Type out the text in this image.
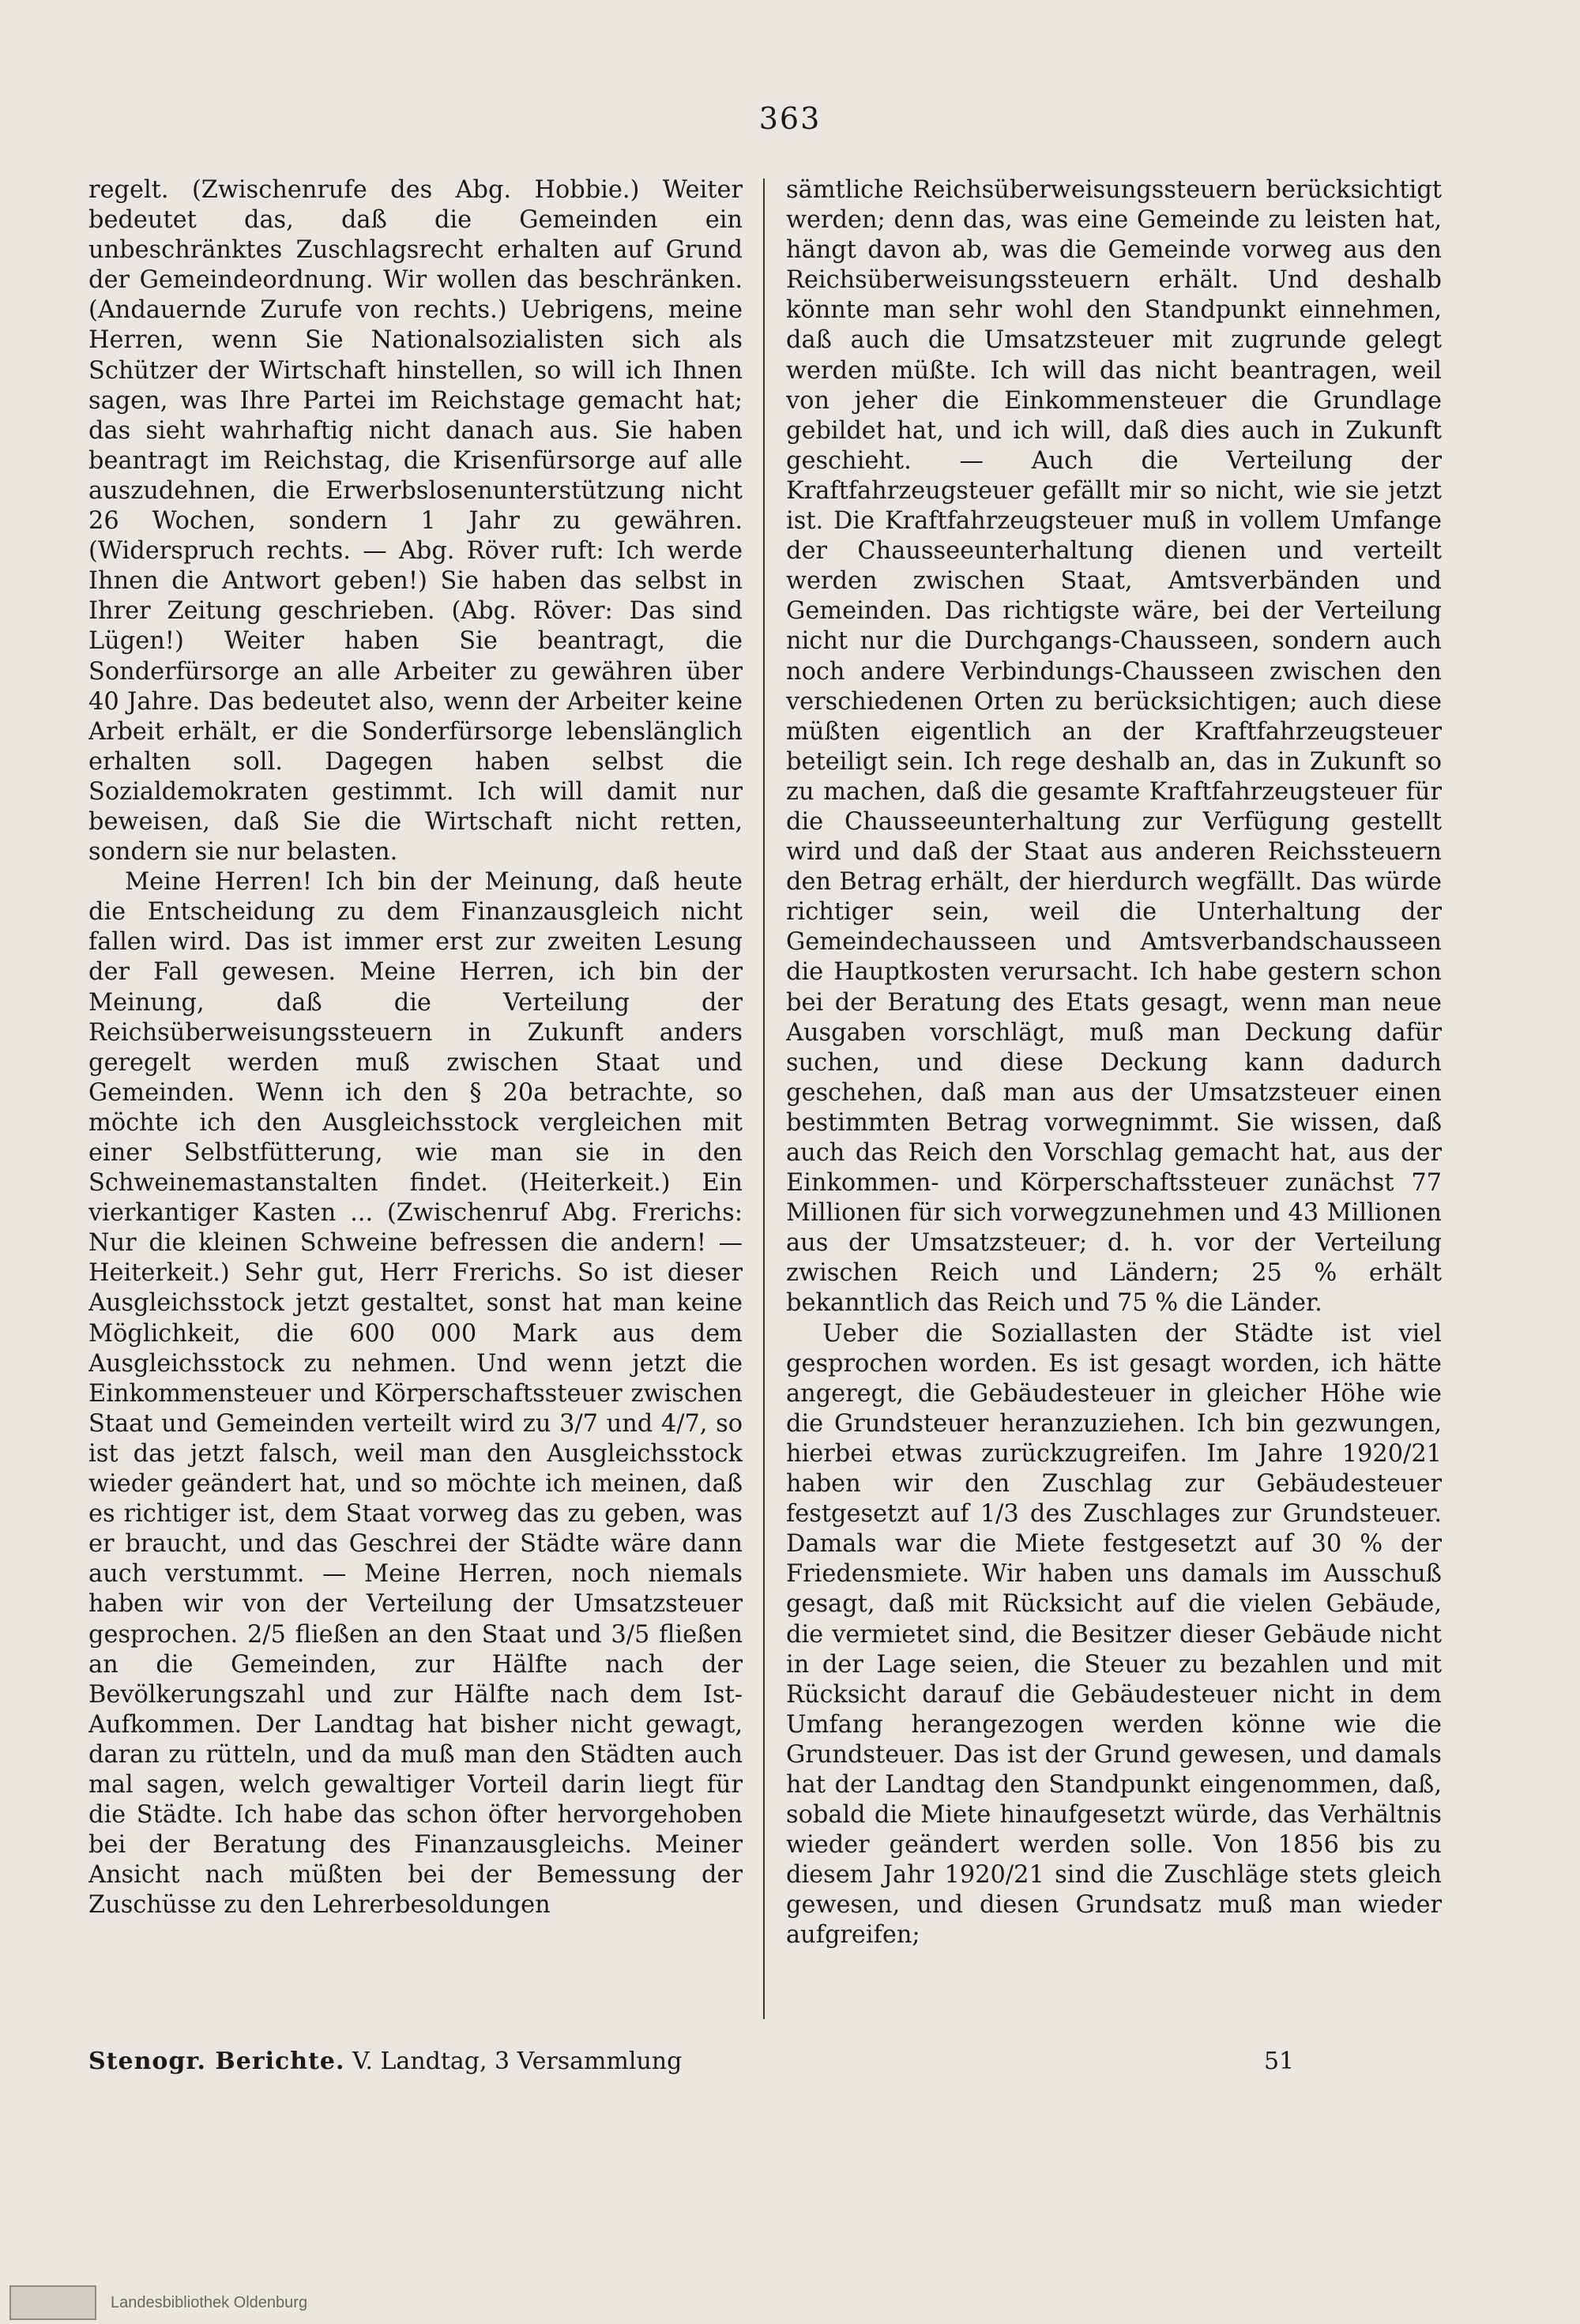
363

regelt. (Zwischenrufe des Abg. Hobbie.) Weiter bedeutet das, daß die Gemeinden ein unbeschränktes Zuschlagsrecht erhalten auf Grund der Gemeindeordnung. Wir wollen das beschränken. (Andauernde Zurufe von rechts.) Uebrigens, meine Herren, wenn Sie Nationalsozialisten sich als Schützer der Wirtschaft hinstellen, so will ich Ihnen sagen, was Ihre Partei im Reichstage gemacht hat; das sieht wahrhaftig nicht danach aus. Sie haben beantragt im Reichstag, die Krisenfürsorge auf alle auszudehnen, die Erwerbslosenunterstützung nicht 26 Wochen, sondern 1 Jahr zu gewähren. (Widerspruch rechts. — Abg. Röver ruft: Ich werde Ihnen die Antwort geben!) Sie haben das selbst in Ihrer Zeitung geschrieben. (Abg. Röver: Das sind Lügen!) Weiter haben Sie beantragt, die Sonderfürsorge an alle Arbeiter zu gewähren über 40 Jahre. Das bedeutet also, wenn der Arbeiter keine Arbeit erhält, er die Sonderfürsorge lebenslänglich erhalten soll. Dagegen haben selbst die Sozialdemokraten gestimmt. Ich will damit nur beweisen, daß Sie die Wirtschaft nicht retten, sondern sie nur belasten.

Meine Herren! Ich bin der Meinung, daß heute die Entscheidung zu dem Finanzausgleich nicht fallen wird. Das ist immer erst zur zweiten Lesung der Fall gewesen. Meine Herren, ich bin der Meinung, daß die Verteilung der Reichsüberweisungssteuern in Zukunft anders geregelt werden muß zwischen Staat und Gemeinden. Wenn ich den § 20a betrachte, so möchte ich den Ausgleichsstock vergleichen mit einer Selbstfütterung, wie man sie in den Schweinemastanstalten findet. (Heiterkeit.) Ein vierkantiger Kasten ... (Zwischenruf Abg. Frerichs: Nur die kleinen Schweine befressen die andern! — Heiterkeit.) Sehr gut, Herr Frerichs. So ist dieser Ausgleichsstock jetzt gestaltet, sonst hat man keine Möglichkeit, die 600 000 Mark aus dem Ausgleichsstock zu nehmen. Und wenn jetzt die Einkommensteuer und Körperschaftssteuer zwischen Staat und Gemeinden verteilt wird zu 3/7 und 4/7, so ist das jetzt falsch, weil man den Ausgleichsstock wieder geändert hat, und so möchte ich meinen, daß es richtiger ist, dem Staat vorweg das zu geben, was er braucht, und das Geschrei der Städte wäre dann auch verstummt. — Meine Herren, noch niemals haben wir von der Verteilung der Umsatzsteuer gesprochen. 2/5 fließen an den Staat und 3/5 fließen an die Gemeinden, zur Hälfte nach der Bevölkerungszahl und zur Hälfte nach dem Ist-Aufkommen. Der Landtag hat bisher nicht gewagt, daran zu rütteln, und da muß man den Städten auch mal sagen, welch gewaltiger Vorteil darin liegt für die Städte. Ich habe das schon öfter hervorgehoben bei der Beratung des Finanzausgleichs. Meiner Ansicht nach müßten bei der Bemessung der Zuschüsse zu den Lehrerbesoldungen

sämtliche Reichsüberweisungssteuern berücksichtigt werden; denn das, was eine Gemeinde zu leisten hat, hängt davon ab, was die Gemeinde vorweg aus den Reichsüberweisungssteuern erhält. Und deshalb könnte man sehr wohl den Standpunkt einnehmen, daß auch die Umsatzsteuer mit zugrunde gelegt werden müßte. Ich will das nicht beantragen, weil von jeher die Einkommensteuer die Grundlage gebildet hat, und ich will, daß dies auch in Zukunft geschieht. — Auch die Verteilung der Kraftfahrzeugsteuer gefällt mir so nicht, wie sie jetzt ist. Die Kraftfahrzeugsteuer muß in vollem Umfange der Chausseeunterhaltung dienen und verteilt werden zwischen Staat, Amtsverbänden und Gemeinden. Das richtigste wäre, bei der Verteilung nicht nur die Durchgangs-Chausseen, sondern auch noch andere Verbindungs-Chausseen zwischen den verschiedenen Orten zu berücksichtigen; auch diese müßten eigentlich an der Kraftfahrzeugsteuer beteiligt sein. Ich rege deshalb an, das in Zukunft so zu machen, daß die gesamte Kraftfahrzeugsteuer für die Chausseeunterhaltung zur Verfügung gestellt wird und daß der Staat aus anderen Reichssteuern den Betrag erhält, der hierdurch wegfällt. Das würde richtiger sein, weil die Unterhaltung der Gemeindechausseen und Amtsverbandschausseen die Hauptkosten verursacht. Ich habe gestern schon bei der Beratung des Etats gesagt, wenn man neue Ausgaben vorschlägt, muß man Deckung dafür suchen, und diese Deckung kann dadurch geschehen, daß man aus der Umsatzsteuer einen bestimmten Betrag vorwegnimmt. Sie wissen, daß auch das Reich den Vorschlag gemacht hat, aus der Einkommen- und Körperschaftssteuer zunächst 77 Millionen für sich vorwegzunehmen und 43 Millionen aus der Umsatzsteuer; d. h. vor der Verteilung zwischen Reich und Ländern; 25 % erhält bekanntlich das Reich und 75 % die Länder.

Ueber die Soziallasten der Städte ist viel gesprochen worden. Es ist gesagt worden, ich hätte angeregt, die Gebäudesteuer in gleicher Höhe wie die Grundsteuer heranzuziehen. Ich bin gezwungen, hierbei etwas zurückzugreifen. Im Jahre 1920/21 haben wir den Zuschlag zur Gebäudesteuer festgesetzt auf 1/3 des Zuschlages zur Grundsteuer. Damals war die Miete festgesetzt auf 30 % der Friedensmiete. Wir haben uns damals im Ausschuß gesagt, daß mit Rücksicht auf die vielen Gebäude, die vermietet sind, die Besitzer dieser Gebäude nicht in der Lage seien, die Steuer zu bezahlen und mit Rücksicht darauf die Gebäudesteuer nicht in dem Umfang herangezogen werden könne wie die Grundsteuer. Das ist der Grund gewesen, und damals hat der Landtag den Standpunkt eingenommen, daß, sobald die Miete hinaufgesetzt würde, das Verhältnis wieder geändert werden solle. Von 1856 bis zu diesem Jahr 1920/21 sind die Zuschläge stets gleich gewesen, und diesen Grundsatz muß man wieder aufgreifen;

Stenogr. Berichte. V. Landtag, 3 Versammlung	51
Landesbibliothek Oldenburg
